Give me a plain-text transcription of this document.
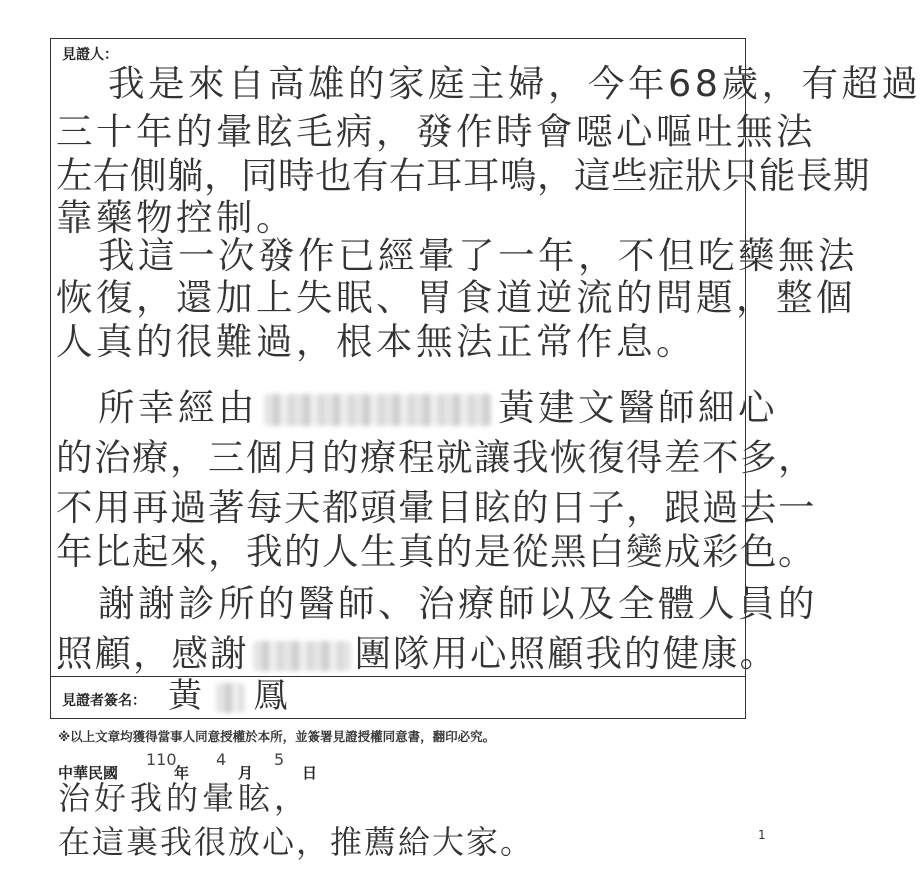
見證人：
我是來自高雄的家庭主婦，今年68歲，有超過
三十年的暈眩毛病，發作時會噁心嘔吐無法
左右側躺，同時也有右耳耳鳴，這些症狀只能長期
靠藥物控制。
我這一次發作已經暈了一年，不但吃藥無法
恢復，還加上失眠、胃食道逆流的問題，整個
人真的很難過，根本無法正常作息。
所幸經由	黃建文醫師細心
的治療，三個月的療程就讓我恢復得差不多，
不用再過著每天都頭暈目眩的日子，跟過去一
年比起來，我的人生真的是從黑白變成彩色。
謝謝診所的醫師、治療師以及全體人員的
照顧，感謝	團隊用心照顧我的健康。
見證者簽名： 黃 鳳
※以上文章均獲得當事人同意授權於本所，並簽署見證授權同意書，翻印必究。
中華民國
110
年
4
月
5
日
治好我的暈眩，
在這裏我很放心，推薦給大家。	1
